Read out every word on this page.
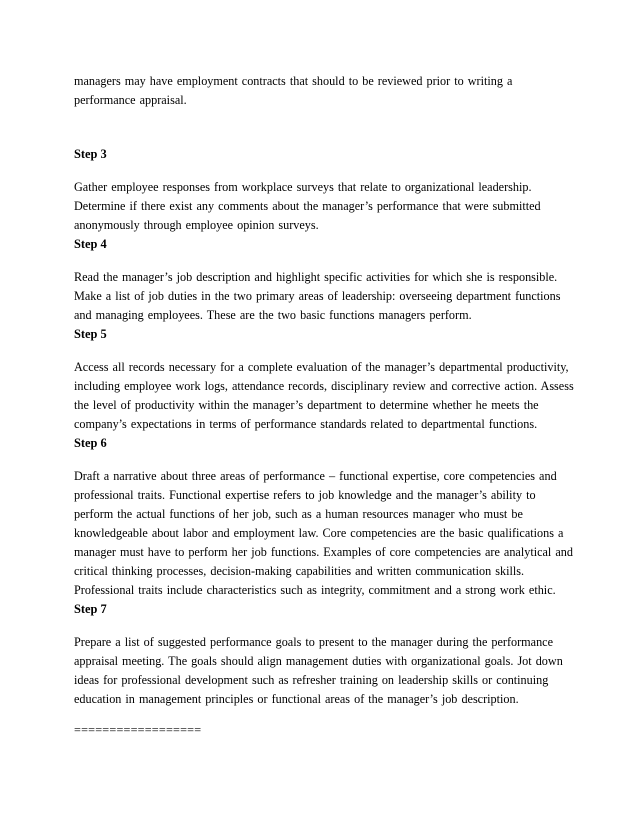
managers may have employment contracts that should to be reviewed prior to writing a performance appraisal.

Step 3

Gather employee responses from workplace surveys that relate to organizational leadership. Determine if there exist any comments about the manager’s performance that were submitted anonymously through employee opinion surveys.

Step 4

Read the manager’s job description and highlight specific activities for which she is responsible. Make a list of job duties in the two primary areas of leadership: overseeing department functions and managing employees. These are the two basic functions managers perform.

Step 5

Access all records necessary for a complete evaluation of the manager’s departmental productivity, including employee work logs, attendance records, disciplinary review and corrective action. Assess the level of productivity within the manager’s department to determine whether he meets the company’s expectations in terms of performance standards related to departmental functions.

Step 6

Draft a narrative about three areas of performance – functional expertise, core competencies and professional traits. Functional expertise refers to job knowledge and the manager’s ability to perform the actual functions of her job, such as a human resources manager who must be knowledgeable about labor and employment law. Core competencies are the basic qualifications a manager must have to perform her job functions. Examples of core competencies are analytical and critical thinking processes, decision-making capabilities and written communication skills. Professional traits include characteristics such as integrity, commitment and a strong work ethic.

Step 7

Prepare a list of suggested performance goals to present to the manager during the performance appraisal meeting. The goals should align management duties with organizational goals. Jot down ideas for professional development such as refresher training on leadership skills or continuing education in management principles or functional areas of the manager’s job description.

==================
